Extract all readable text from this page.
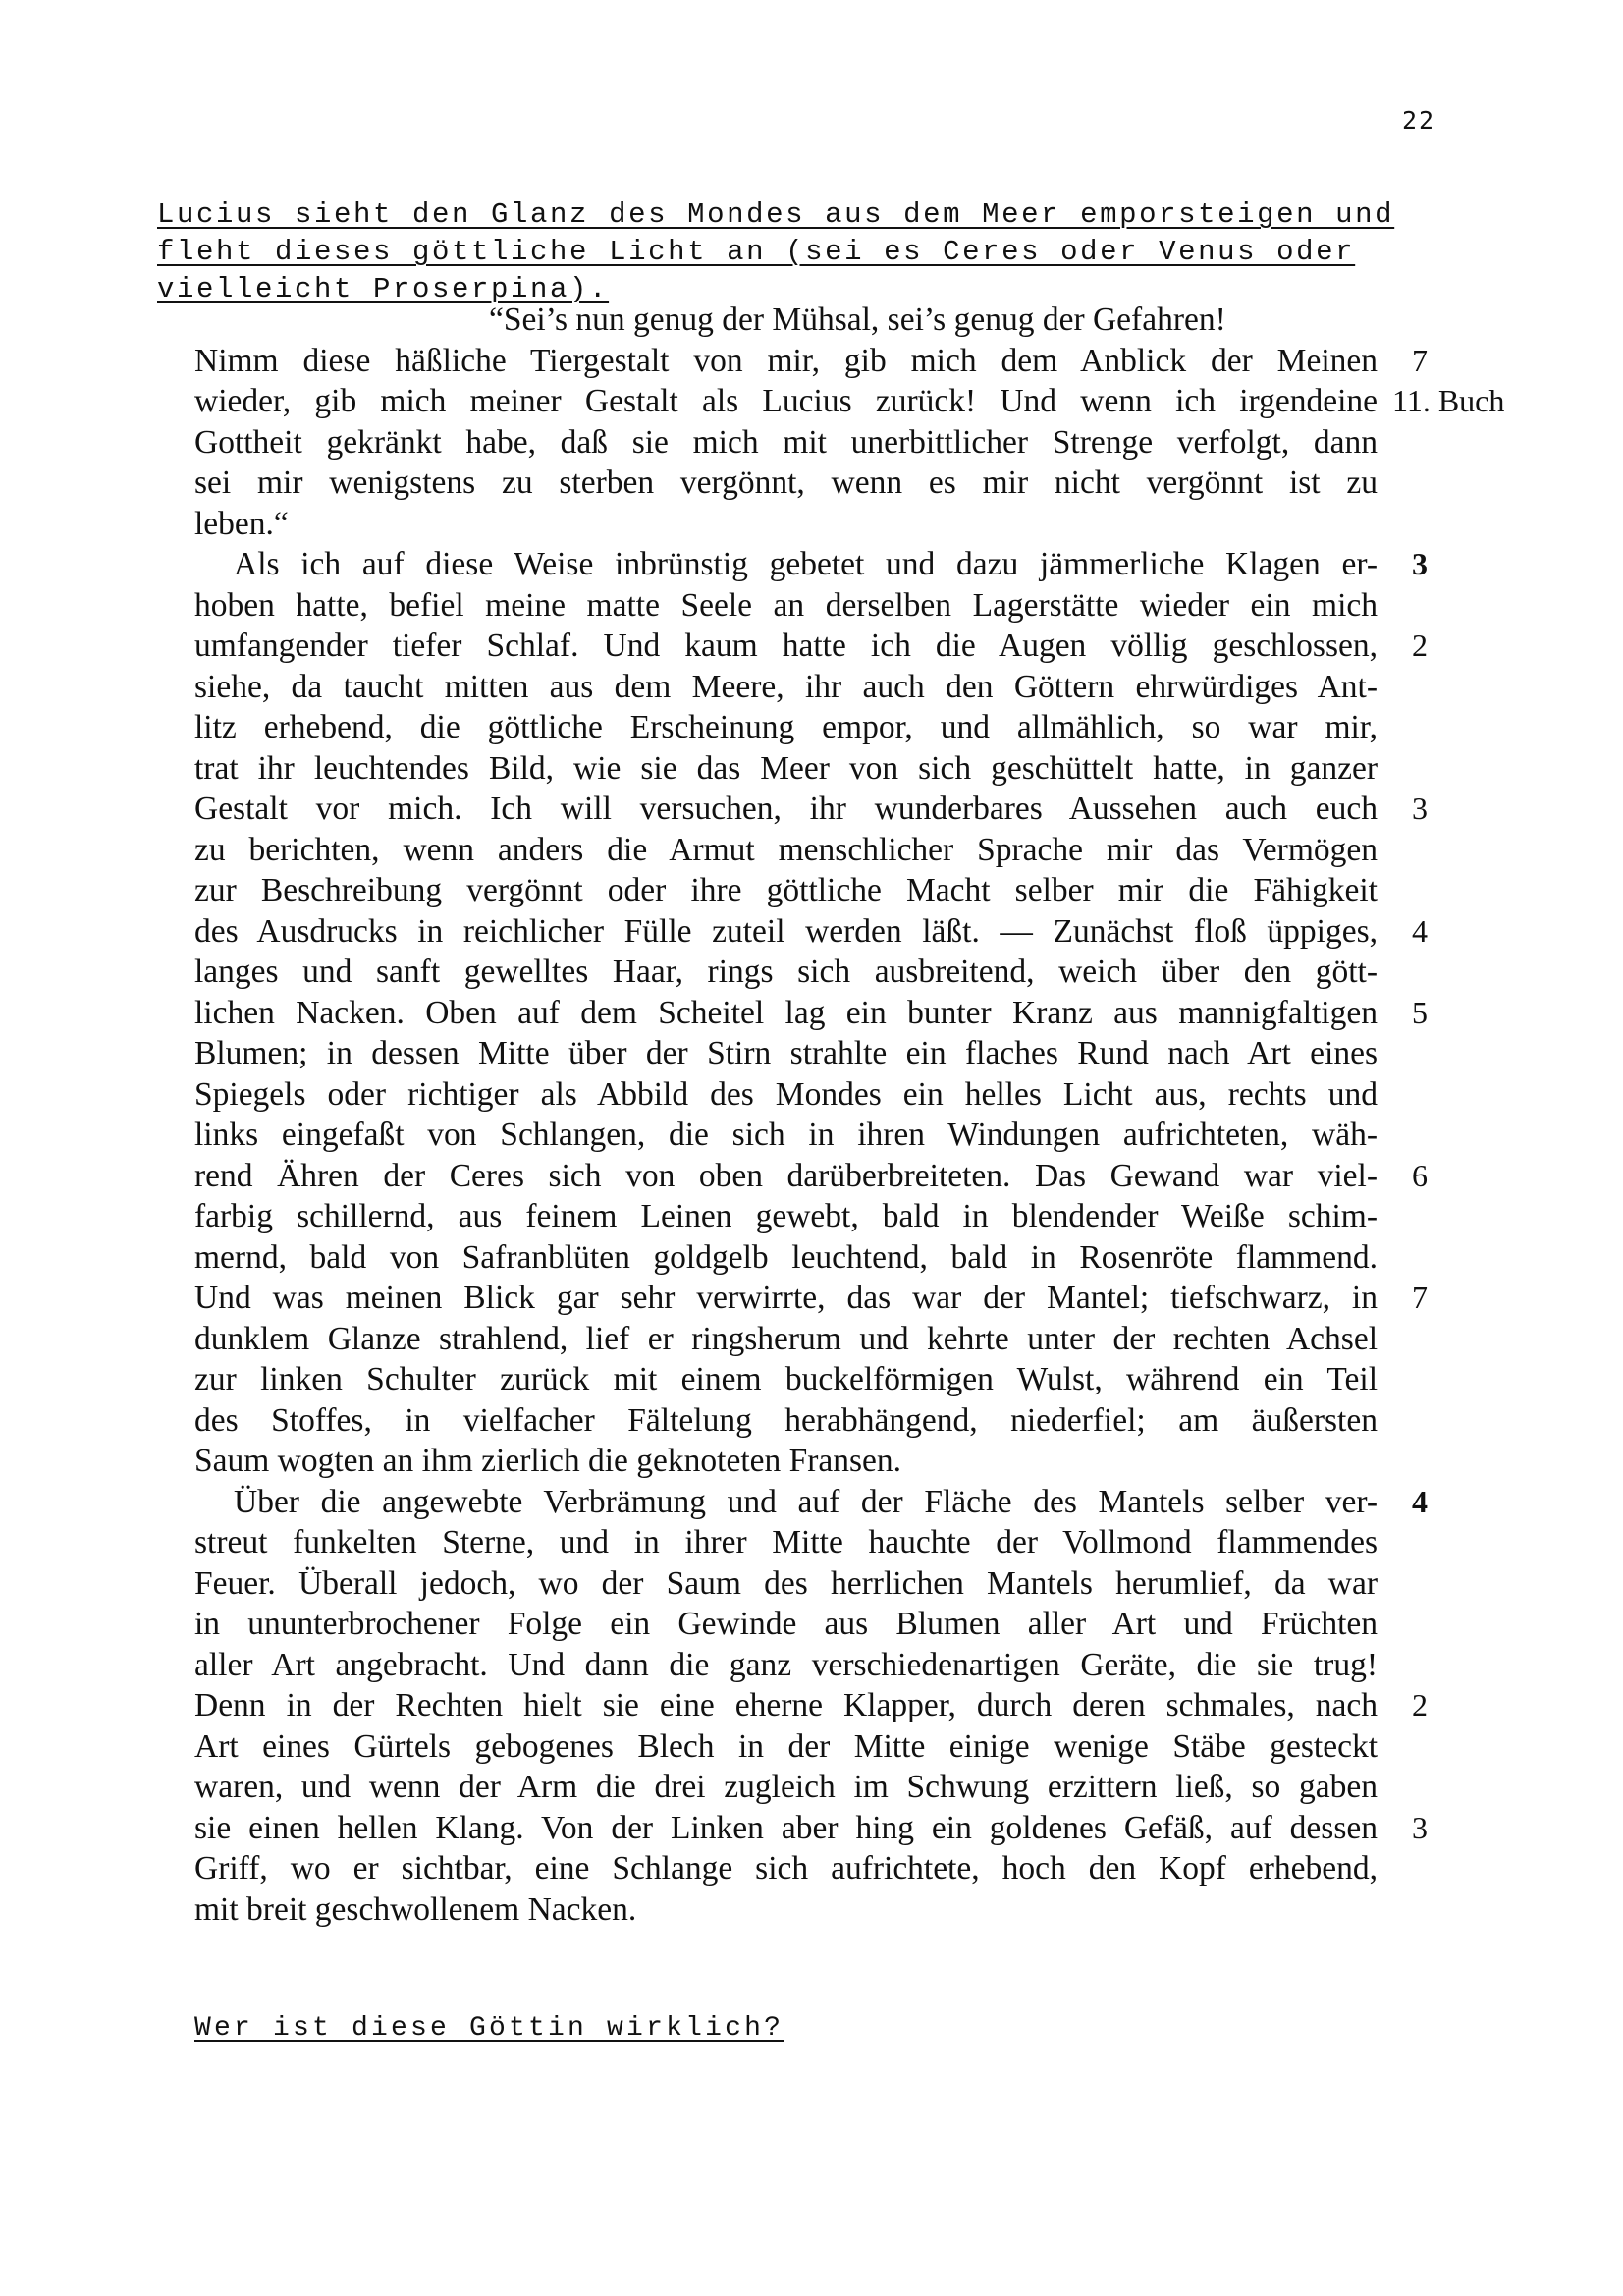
22
Lucius sieht den Glanz des Mondes aus dem Meer emporsteigen und
fleht dieses göttliche Licht an (sei es Ceres oder Venus oder
vielleicht Proserpina).
“Sei’s nun genug der Mühsal, sei’s genug der Gefahren!
Nimm diese häßliche Tiergestalt von mir, gib mich dem Anblick der Meinen
wieder, gib mich meiner Gestalt als Lucius zurück! Und wenn ich irgendeine
Gottheit gekränkt habe, daß sie mich mit unerbittlicher Strenge verfolgt, dann
sei mir wenigstens zu sterben vergönnt, wenn es mir nicht vergönnt ist zu
leben.“
Als ich auf diese Weise inbrünstig gebetet und dazu jämmerliche Klagen er-
hoben hatte, befiel meine matte Seele an derselben Lagerstätte wieder ein mich
umfangender tiefer Schlaf. Und kaum hatte ich die Augen völlig geschlossen,
siehe, da taucht mitten aus dem Meere, ihr auch den Göttern ehrwürdiges Ant-
litz erhebend, die göttliche Erscheinung empor, und allmählich, so war mir,
trat ihr leuchtendes Bild, wie sie das Meer von sich geschüttelt hatte, in ganzer
Gestalt vor mich. Ich will versuchen, ihr wunderbares Aussehen auch euch
zu berichten, wenn anders die Armut menschlicher Sprache mir das Vermögen
zur Beschreibung vergönnt oder ihre göttliche Macht selber mir die Fähigkeit
des Ausdrucks in reichlicher Fülle zuteil werden läßt. — Zunächst floß üppiges,
langes und sanft gewelltes Haar, rings sich ausbreitend, weich über den gött-
lichen Nacken. Oben auf dem Scheitel lag ein bunter Kranz aus mannigfaltigen
Blumen; in dessen Mitte über der Stirn strahlte ein flaches Rund nach Art eines
Spiegels oder richtiger als Abbild des Mondes ein helles Licht aus, rechts und
links eingefaßt von Schlangen, die sich in ihren Windungen aufrichteten, wäh-
rend Ähren der Ceres sich von oben darüberbreiteten. Das Gewand war viel-
farbig schillernd, aus feinem Leinen gewebt, bald in blendender Weiße schim-
mernd, bald von Safranblüten goldgelb leuchtend, bald in Rosenröte flammend.
Und was meinen Blick gar sehr verwirrte, das war der Mantel; tiefschwarz, in
dunklem Glanze strahlend, lief er ringsherum und kehrte unter der rechten Achsel
zur linken Schulter zurück mit einem buckelförmigen Wulst, während ein Teil
des Stoffes, in vielfacher Fältelung herabhängend, niederfiel; am äußersten
Saum wogten an ihm zierlich die geknoteten Fransen.
Über die angewebte Verbrämung und auf der Fläche des Mantels selber ver-
streut funkelten Sterne, und in ihrer Mitte hauchte der Vollmond flammendes
Feuer. Überall jedoch, wo der Saum des herrlichen Mantels herumlief, da war
in ununterbrochener Folge ein Gewinde aus Blumen aller Art und Früchten
aller Art angebracht. Und dann die ganz verschiedenartigen Geräte, die sie trug!
Denn in der Rechten hielt sie eine eherne Klapper, durch deren schmales, nach
Art eines Gürtels gebogenes Blech in der Mitte einige wenige Stäbe gesteckt
waren, und wenn der Arm die drei zugleich im Schwung erzittern ließ, so gaben
sie einen hellen Klang. Von der Linken aber hing ein goldenes Gefäß, auf dessen
Griff, wo er sichtbar, eine Schlange sich aufrichtete, hoch den Kopf erhebend,
mit breit geschwollenem Nacken.
Wer ist diese Göttin wirklich?
7
11. Buch
3
2
3
4
5
6
7
4
2
3
